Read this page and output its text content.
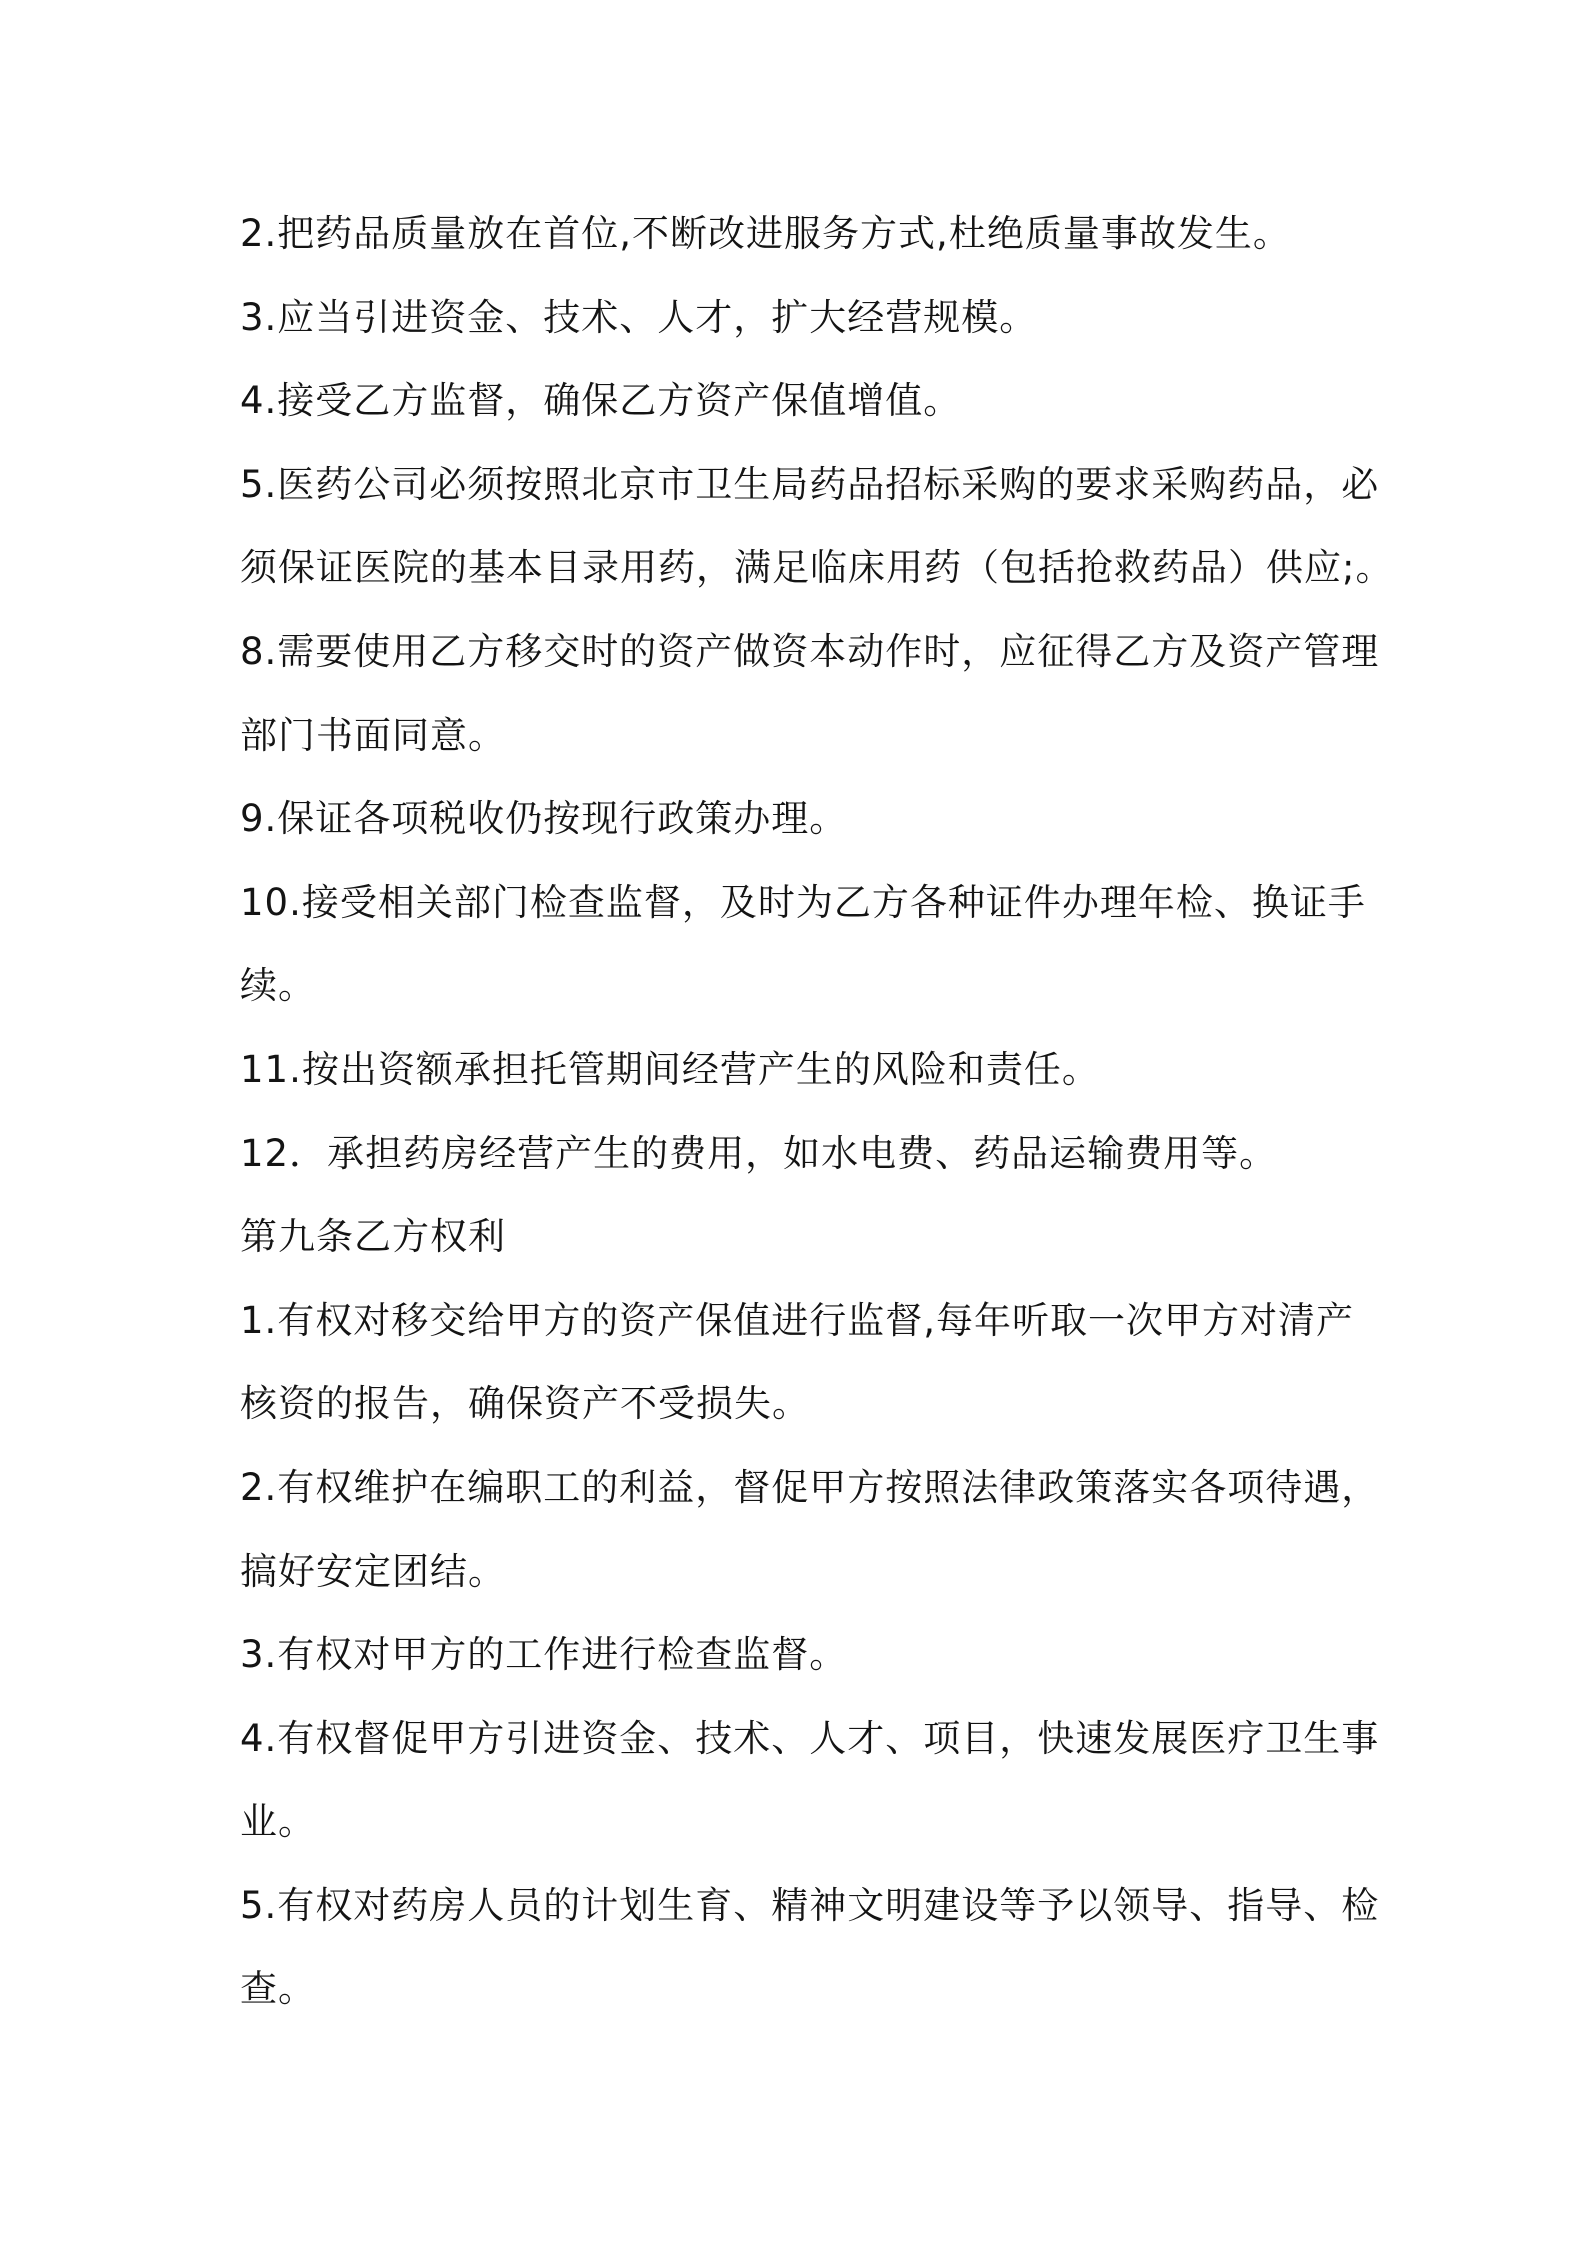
2.把药品质量放在首位,不断改进服务方式,杜绝质量事故发生。
3.应当引进资金、技术、人才，扩大经营规模。
4.接受乙方监督，确保乙方资产保值增值。
5.医药公司必须按照北京市卫生局药品招标采购的要求采购药品，必
须保证医院的基本目录用药，满足临床用药（包括抢救药品）供应;。
8.需要使用乙方移交时的资产做资本动作时，应征得乙方及资产管理
部门书面同意。
9.保证各项税收仍按现行政策办理。
10.接受相关部门检查监督，及时为乙方各种证件办理年检、换证手
续。
11.按出资额承担托管期间经营产生的风险和责任。
12．承担药房经营产生的费用，如水电费、药品运输费用等。
第九条乙方权利
1.有权对移交给甲方的资产保值进行监督,每年听取一次甲方对清产
核资的报告，确保资产不受损失。
2.有权维护在编职工的利益，督促甲方按照法律政策落实各项待遇，
搞好安定团结。
3.有权对甲方的工作进行检查监督。
4.有权督促甲方引进资金、技术、人才、项目，快速发展医疗卫生事
业。
5.有权对药房人员的计划生育、精神文明建设等予以领导、指导、检
查。
